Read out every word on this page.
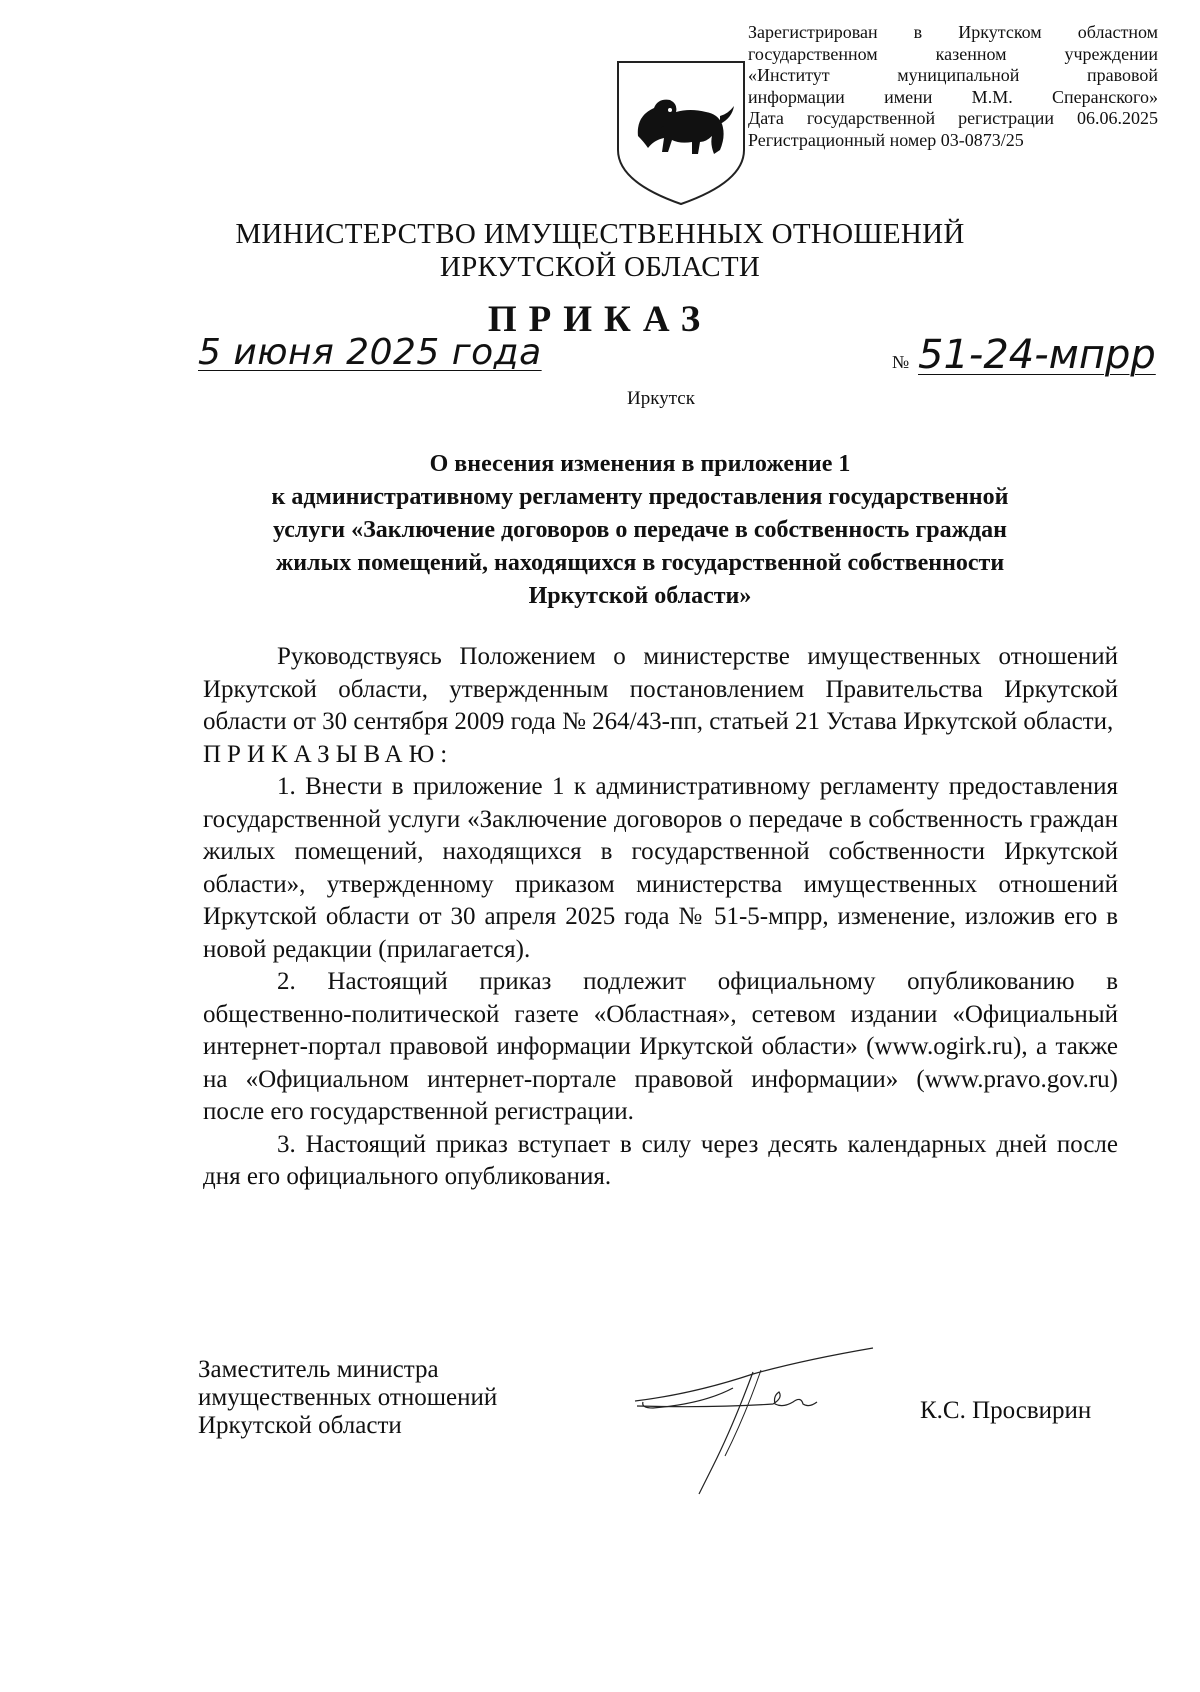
Зарегистрирован в Иркутском областном
государственном казенном учреждении
«Институт муниципальной правовой
информации имени М.М. Сперанского»
Дата государственной регистрации 06.06.2025
Регистрационный номер 03-0873/25
МИНИСТЕРСТВО ИМУЩЕСТВЕННЫХ ОТНОШЕНИЙ
ИРКУТСКОЙ ОБЛАСТИ
ПРИКАЗ
5 июня 2025 года	№ 51-24-мпрр
Иркутск
О внесения изменения в приложение 1
к административному регламенту предоставления государственной
услуги «Заключение договоров о передаче в собственность граждан
жилых помещений, находящихся в государственной собственности
Иркутской области»

Руководствуясь Положением о министерстве имущественных отношений Иркутской области, утвержденным постановлением Правительства Иркутской области от 30 сентября 2009 года № 264/43-пп, статьей 21 Устава Иркутской области,

ПРИКАЗЫВАЮ:

1. Внести в приложение 1 к административному регламенту предоставления государственной услуги «Заключение договоров о передаче в собственность граждан жилых помещений, находящихся в государственной собственности Иркутской области», утвержденному приказом министерства имущественных отношений Иркутской области от 30 апреля 2025 года № 51-5-мпрр, изменение, изложив его в новой редакции (прилагается).

2. Настоящий приказ подлежит официальному опубликованию в общественно-политической газете «Областная», сетевом издании «Официальный интернет-портал правовой информации Иркутской области» (www.ogirk.ru), а также на «Официальном интернет-портале правовой информации» (www.pravo.gov.ru) после его государственной регистрации.

3. Настоящий приказ вступает в силу через десять календарных дней после дня его официального опубликования.

Заместитель министра
имущественных отношений
Иркутской области
К.С. Просвирин
